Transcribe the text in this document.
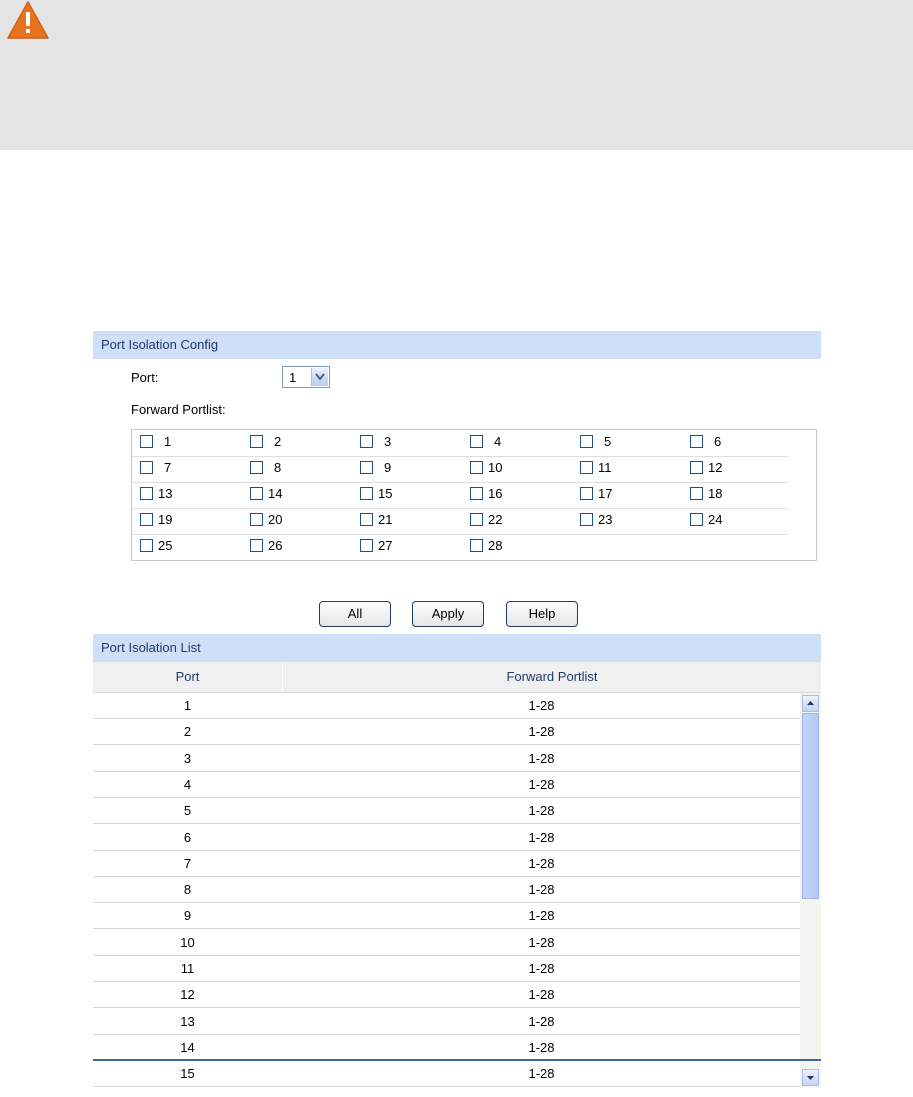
Port Isolation Config
Port:	1
Forward Portlist:
1	2	3	4	5	6
7	8	9	10	11	12
13	14	15	16	17	18
19	20	21	22	23	24
25	26	27	28
All	Apply	Help
Port Isolation List
Port	Forward Portlist
1	1-28
2	1-28
3	1-28
4	1-28
5	1-28
6	1-28
7	1-28
8	1-28
9	1-28
10	1-28
11	1-28
12	1-28
13	1-28
14	1-28
15	1-28
